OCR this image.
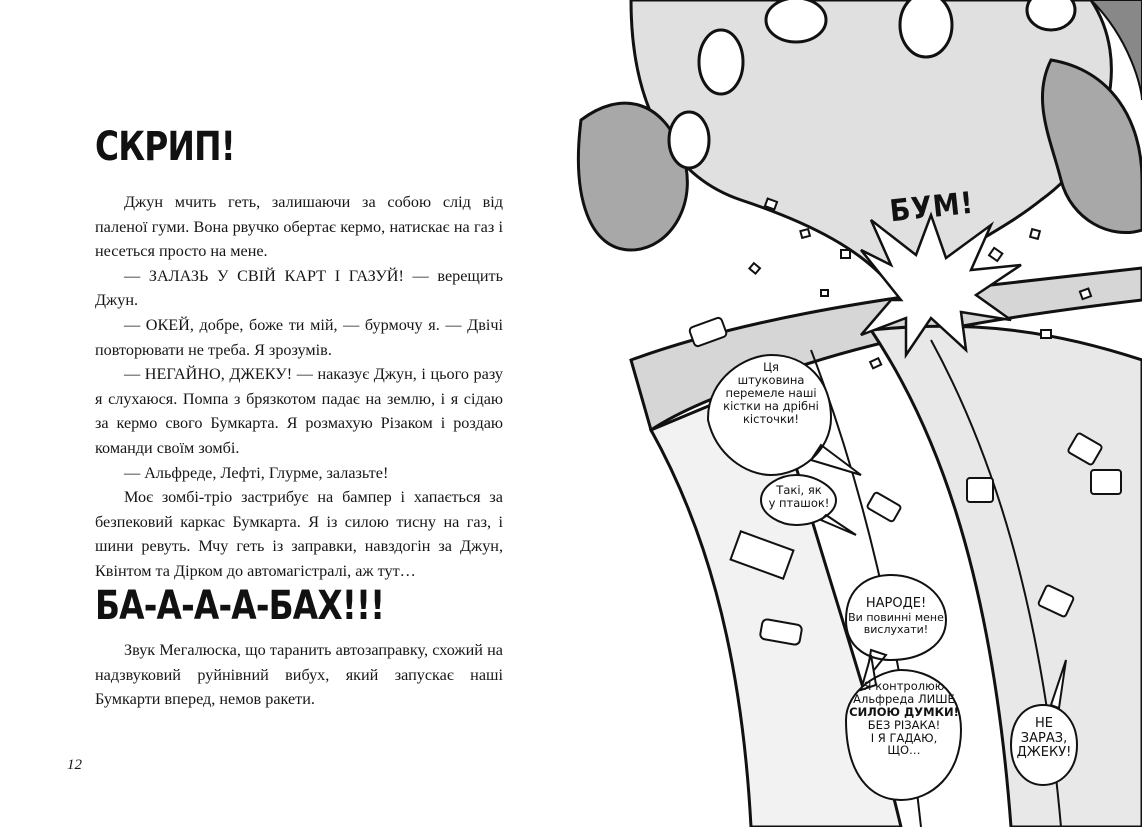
СКРИП!

Джун мчить геть, залишаючи за собою слід від паленої гуми. Вона рвучко обертає кермо, натискає на газ і несеться просто на мене.

— ЗАЛАЗЬ У СВІЙ КАРТ І ГАЗУЙ! — верещить Джун.

— ОКЕЙ, добре, боже ти мій, — бурмочу я. — Двічі повторювати не треба. Я зрозумів.

— НЕГАЙНО, ДЖЕКУ! — наказує Джун, і цього разу я слухаюся. Помпа з брязкотом падає на землю, і я сідаю за кермо свого Бумкарта. Я розмахую Різаком і роздаю команди своїм зомбі.

— Альфреде, Лефті, Глурме, залазьте!

Моє зомбі-тріо застрибує на бампер і хапається за безпековий каркас Бумкарта. Я із силою тисну на газ, і шини ревуть. Мчу геть із заправки, навздогін за Джун, Квінтом та Дірком до автомагістралі, аж тут…

БА-А-А-А-БАХ!!!

Звук Мегалюска, що таранить автозаправку, схожий на надзвуковий руйнівний вибух, який запускає наші Бумкарти вперед, немов ракети.

12
БУМ!
Ця
штуковина
перемеле наші
кістки на дрібні
кісточки!
Такі, як
у пташок!
НАРОДЕ!
Ви повинні мене
вислухати!
Я контролюю
Альфреда ЛИШЕ
СИЛОЮ ДУМКИ!
БЕЗ РІЗАКА!
І Я ГАДАЮ,
ЩО…
НЕ
ЗАРАЗ,
ДЖЕКУ!
